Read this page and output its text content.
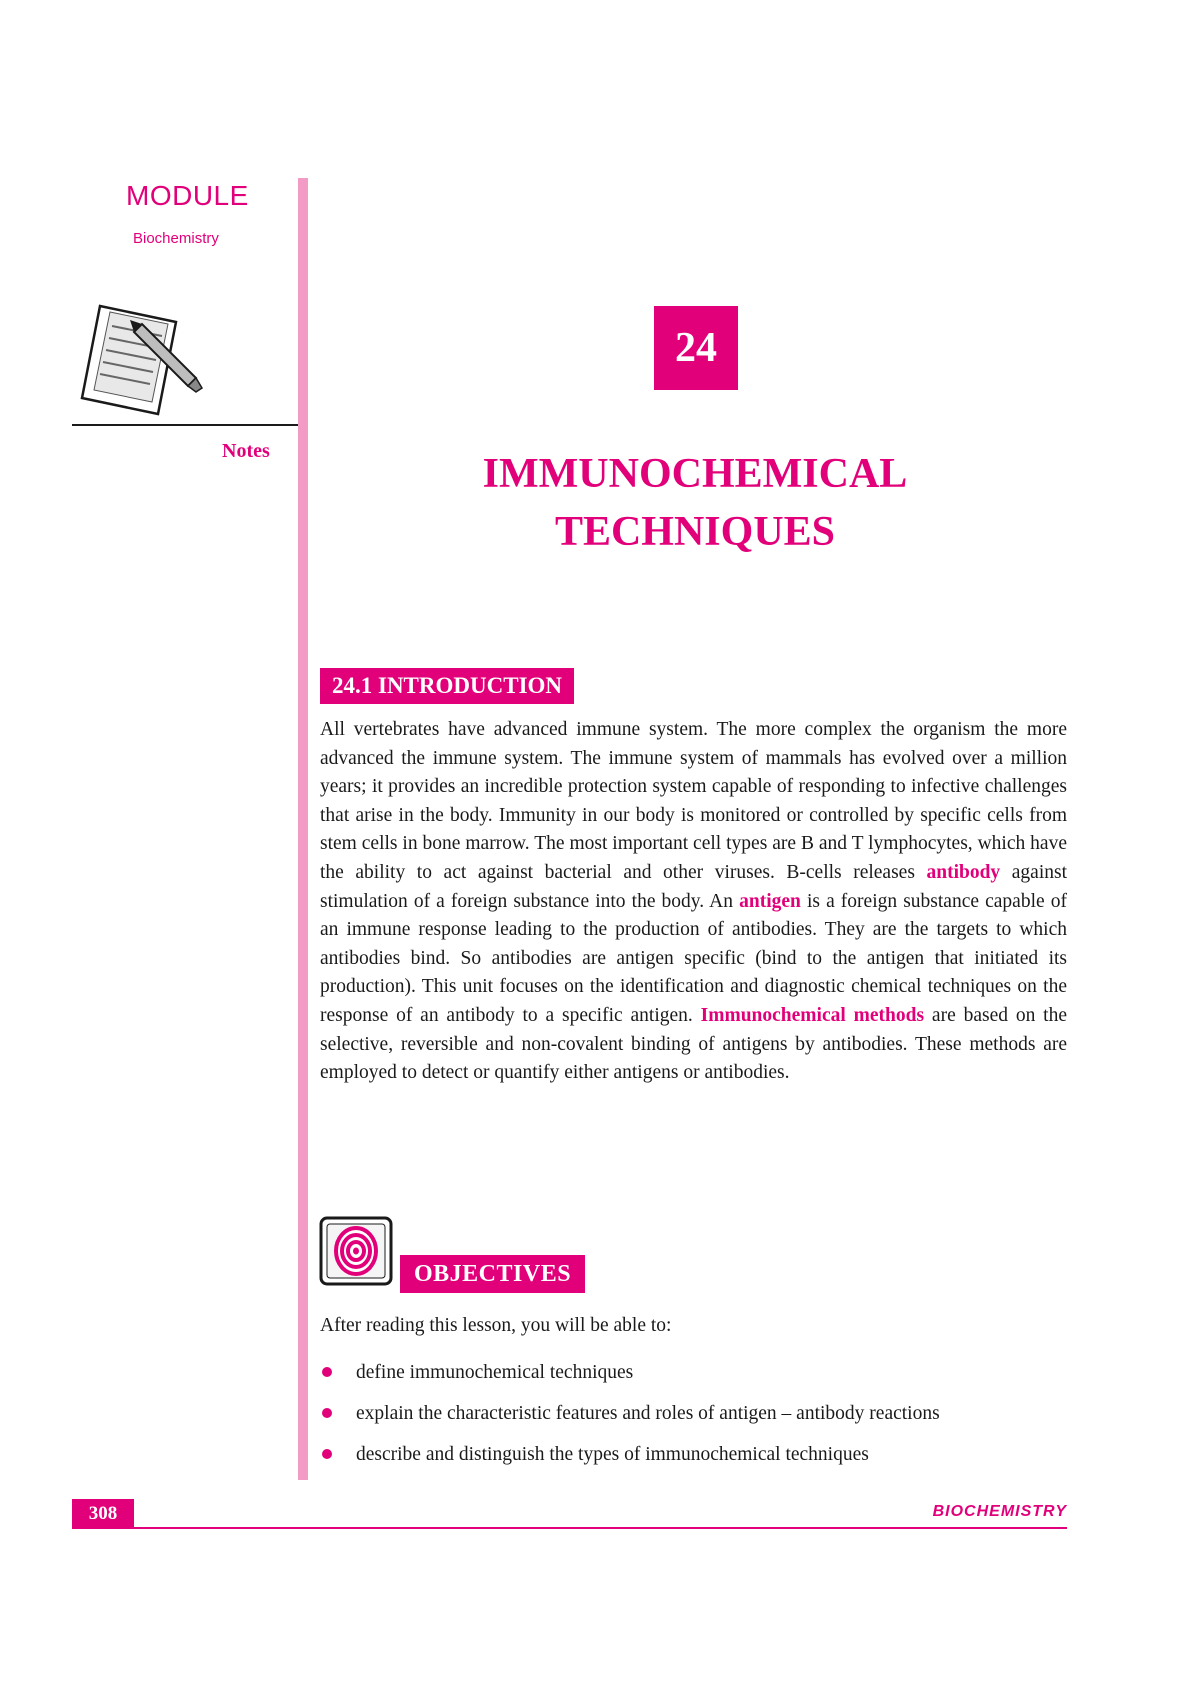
MODULE
Biochemistry
Notes
24
IMMUNOCHEMICAL
TECHNIQUES
24.1 INTRODUCTION

All vertebrates have advanced immune system. The more complex the organism the more advanced the immune system. The immune system of mammals has evolved over a million years; it provides an incredible protection system capable of responding to infective challenges that arise in the body. Immunity in our body is monitored or controlled by specific cells from stem cells in bone marrow. The most important cell types are B and T lymphocytes, which have the ability to act against bacterial and other viruses. B-cells releases antibody against stimulation of a foreign substance into the body. An antigen is a foreign substance capable of an immune response leading to the production of antibodies. They are the targets to which antibodies bind. So antibodies are antigen specific (bind to the antigen that initiated its production). This unit focuses on the identification and diagnostic chemical techniques on the response of an antibody to a specific antigen. Immunochemical methods are based on the selective, reversible and non-covalent binding of antigens by antibodies. These methods are employed to detect or quantify either antigens or antibodies.

OBJECTIVES
After reading this lesson, you will be able to:
define immunochemical techniques
explain the characteristic features and roles of antigen – antibody reactions
describe and distinguish the types of immunochemical techniques
308	BIOCHEMISTRY
